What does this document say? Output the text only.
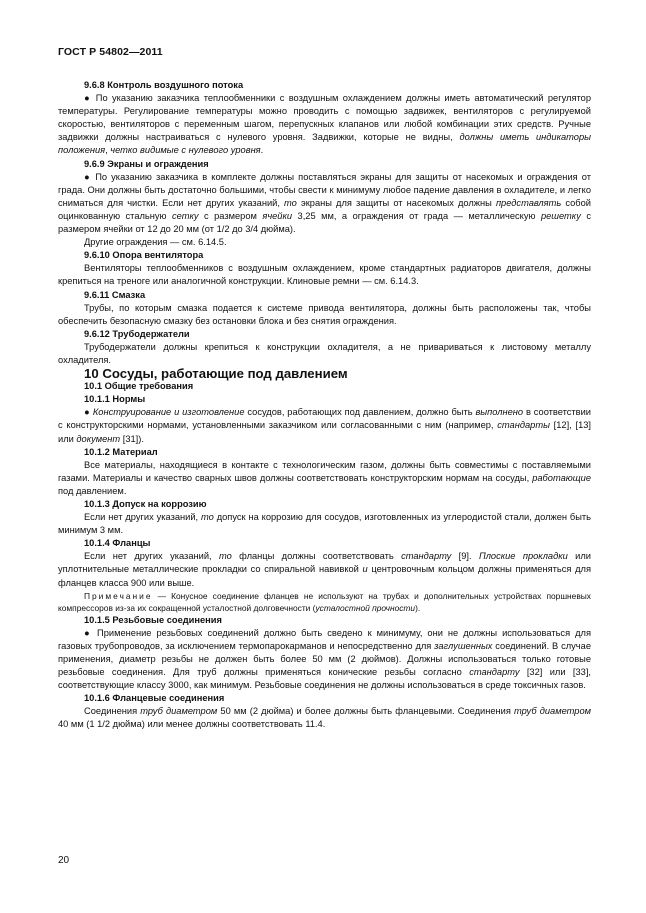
ГОСТ Р 54802—2011

9.6.8 Контроль воздушного потока

● По указанию заказчика теплообменники с воздушным охлаждением должны иметь автоматический регулятор температуры. Регулирование температуры можно проводить с помощью задвижек, вентиляторов с регулируемой скоростью, вентиляторов с переменным шагом, перепускных клапанов или любой комбинации этих средств. Ручные задвижки должны настраиваться с нулевого уровня. Задвижки, которые не видны, должны иметь индикаторы положения, четко видимые с нулевого уровня.

9.6.9 Экраны и ограждения

● По указанию заказчика в комплекте должны поставляться экраны для защиты от насекомых и ограждения от града. Они должны быть достаточно большими, чтобы свести к минимуму любое падение давления в охладителе, и легко сниматься для чистки. Если нет других указаний, то экраны для защиты от насекомых должны представлять собой оцинкованную стальную сетку с размером ячейки 3,25 мм, а ограждения от града — металлическую решетку с размером ячейки от 12 до 20 мм (от 1/2 до 3/4 дюйма).

Другие ограждения — см. 6.14.5.

9.6.10 Опора вентилятора

Вентиляторы теплообменников с воздушным охлаждением, кроме стандартных радиаторов двигателя, должны крепиться на треноге или аналогичной конструкции. Клиновые ремни — см. 6.14.3.

9.6.11 Смазка

Трубы, по которым смазка подается к системе привода вентилятора, должны быть расположены так, чтобы обеспечить безопасную смазку без остановки блока и без снятия ограждения.

9.6.12 Трубодержатели

Трубодержатели должны крепиться к конструкции охладителя, а не привариваться к листовому металлу охладителя.

10 Сосуды, работающие под давлением

10.1 Общие требования

10.1.1 Нормы

● Конструирование и изготовление сосудов, работающих под давлением, должно быть выполнено в соответствии с конструкторскими нормами, установленными заказчиком или согласованными с ним (например, стандарты [12], [13] или документ [31]).

10.1.2 Материал

Все материалы, находящиеся в контакте с технологическим газом, должны быть совместимы с поставляемыми газами. Материалы и качество сварных швов должны соответствовать конструкторским нормам на сосуды, работающие под давлением.

10.1.3 Допуск на коррозию

Если нет других указаний, то допуск на коррозию для сосудов, изготовленных из углеродистой стали, должен быть минимум 3 мм.

10.1.4 Фланцы

Если нет других указаний, то фланцы должны соответствовать стандарту [9]. Плоские прокладки или уплотнительные металлические прокладки со спиральной навивкой и центровочным кольцом должны применяться для фланцев класса 900 или выше.

Примечание — Конусное соединение фланцев не используют на трубах и дополнительных устройствах поршневых компрессоров из-за их сокращенной усталостной долговечности (усталостной прочности).

10.1.5 Резьбовые соединения

● Применение резьбовых соединений должно быть сведено к минимуму, они не должны использоваться для газовых трубопроводов, за исключением термопарокарманов и непосредственно для заглушенных соединений. В случае применения, диаметр резьбы не должен быть более 50 мм (2 дюймов). Должны использоваться только готовые резьбовые соединения. Для труб должны применяться конические резьбы согласно стандарту [32] или [33], соответствующие классу 3000, как минимум. Резьбовые соединения не должны использоваться в среде токсичных газов.

10.1.6 Фланцевые соединения

Соединения труб диаметром 50 мм (2 дюйма) и более должны быть фланцевыми. Соединения труб диаметром 40 мм (1 1/2 дюйма) или менее должны соответствовать 11.4.

20
